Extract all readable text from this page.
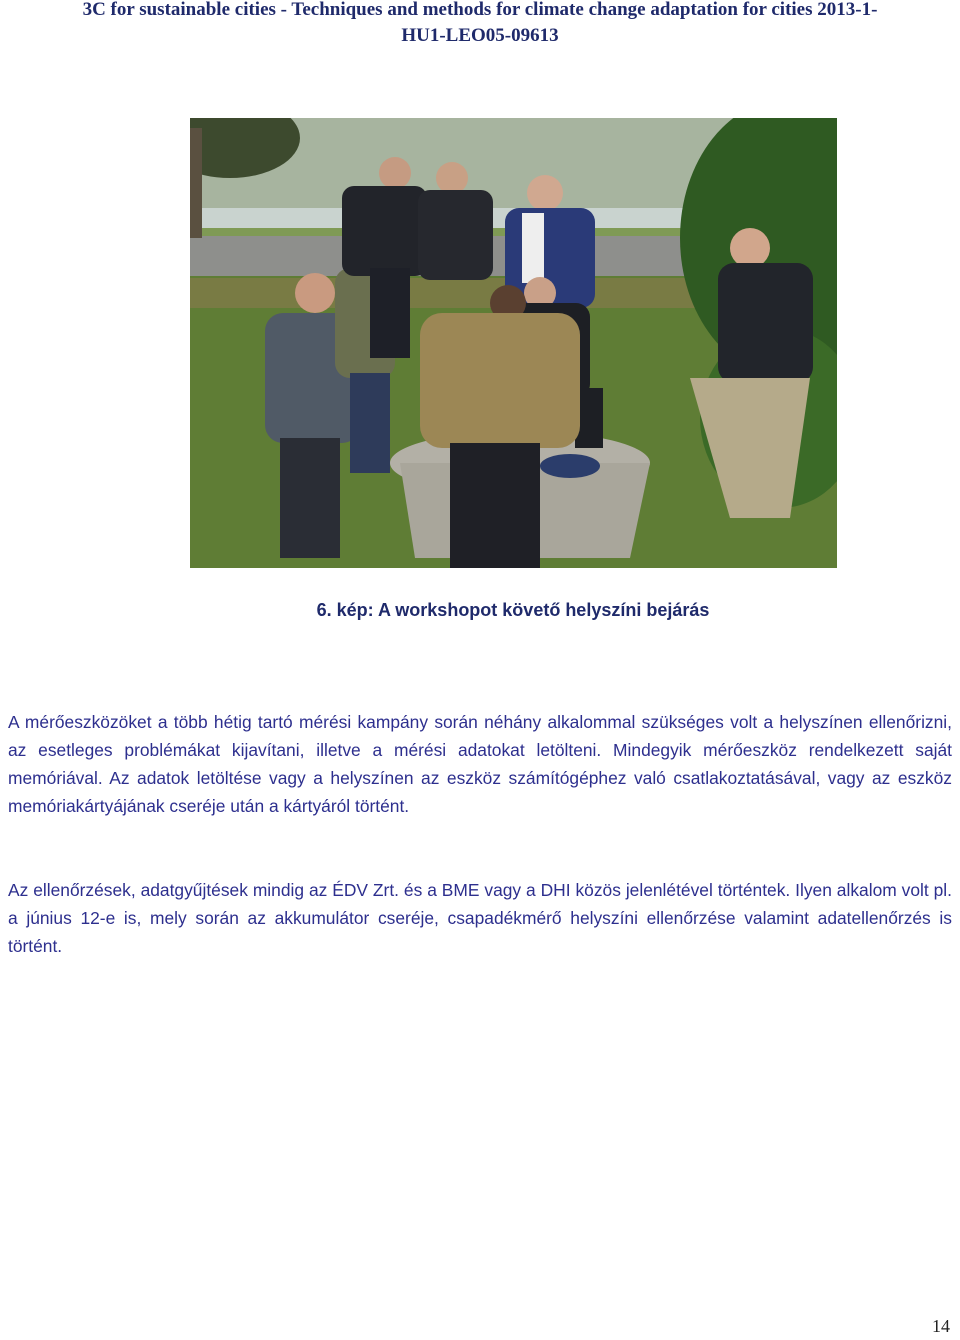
3C for sustainable cities - Techniques and methods for climate change adaptation for cities 2013-1-
HU1-LEO05-09613
6. kép: A workshopot követő helyszíni bejárás

A mérőeszközöket a több hétig tartó mérési kampány során néhány alkalommal szükséges volt a helyszínen ellenőrizni, az esetleges problémákat kijavítani, illetve a mérési adatokat letölteni. Mindegyik mérőeszköz rendelkezett saját memóriával. Az adatok letöltése vagy a helyszínen az eszköz számítógéphez való csatlakoztatásával, vagy az eszköz memóriakártyájának cseréje után a kártyáról történt.

Az ellenőrzések, adatgyűjtések mindig az ÉDV Zrt. és a BME vagy a DHI közös jelenlétével történtek. Ilyen alkalom volt pl. a június 12-e is, mely során az akkumulátor cseréje, csapadékmérő helyszíni ellenőrzése valamint adatellenőrzés is történt.

14
